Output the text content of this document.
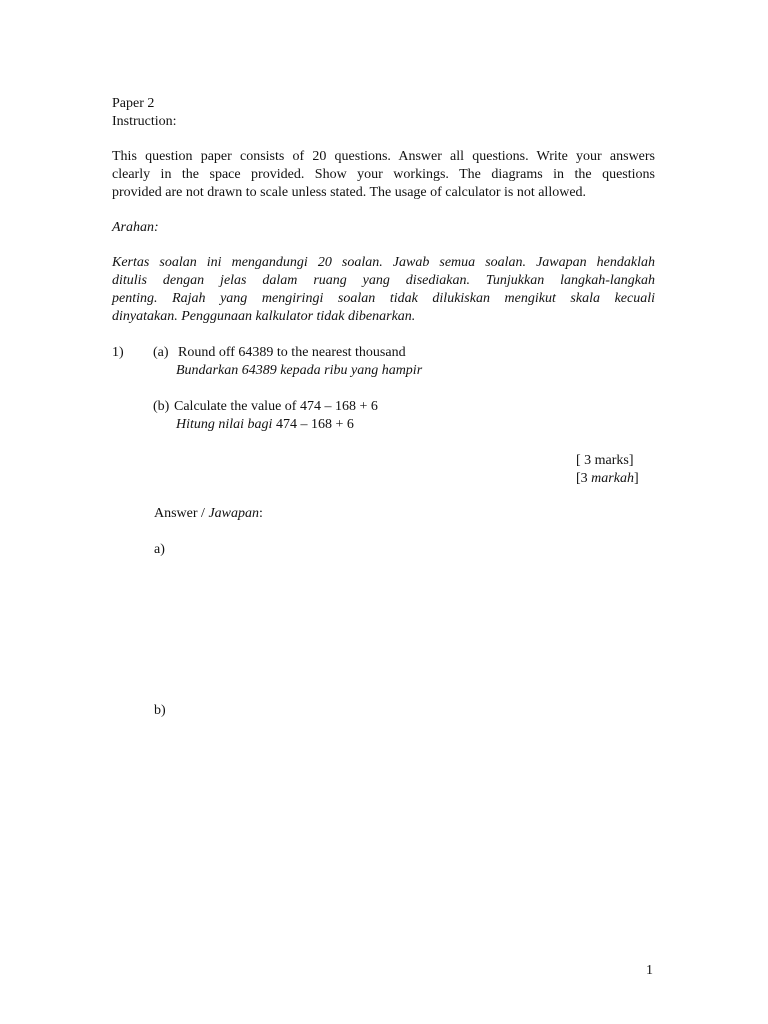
Paper 2
Instruction:
This question paper consists of 20 questions. Answer all questions. Write your answers
clearly in the space provided. Show your workings. The diagrams in the questions
provided are not drawn to scale unless stated. The usage of calculator is not allowed.
Arahan:
Kertas soalan ini mengandungi 20 soalan. Jawab semua soalan. Jawapan hendaklah
ditulis dengan jelas dalam ruang yang disediakan. Tunjukkan langkah-langkah
penting. Rajah yang mengiringi soalan tidak dilukiskan mengikut skala kecuali
dinyatakan. Penggunaan kalkulator tidak dibenarkan.
1) (a) Round off 64389 to the nearest thousand
Bundarkan 64389 kepada ribu yang hampir
(b) Calculate the value of 474 – 168 + 6
Hitung nilai bagi 474 – 168 + 6
[ 3 marks]
[3 markah]
Answer / Jawapan:
a)
b)
1
